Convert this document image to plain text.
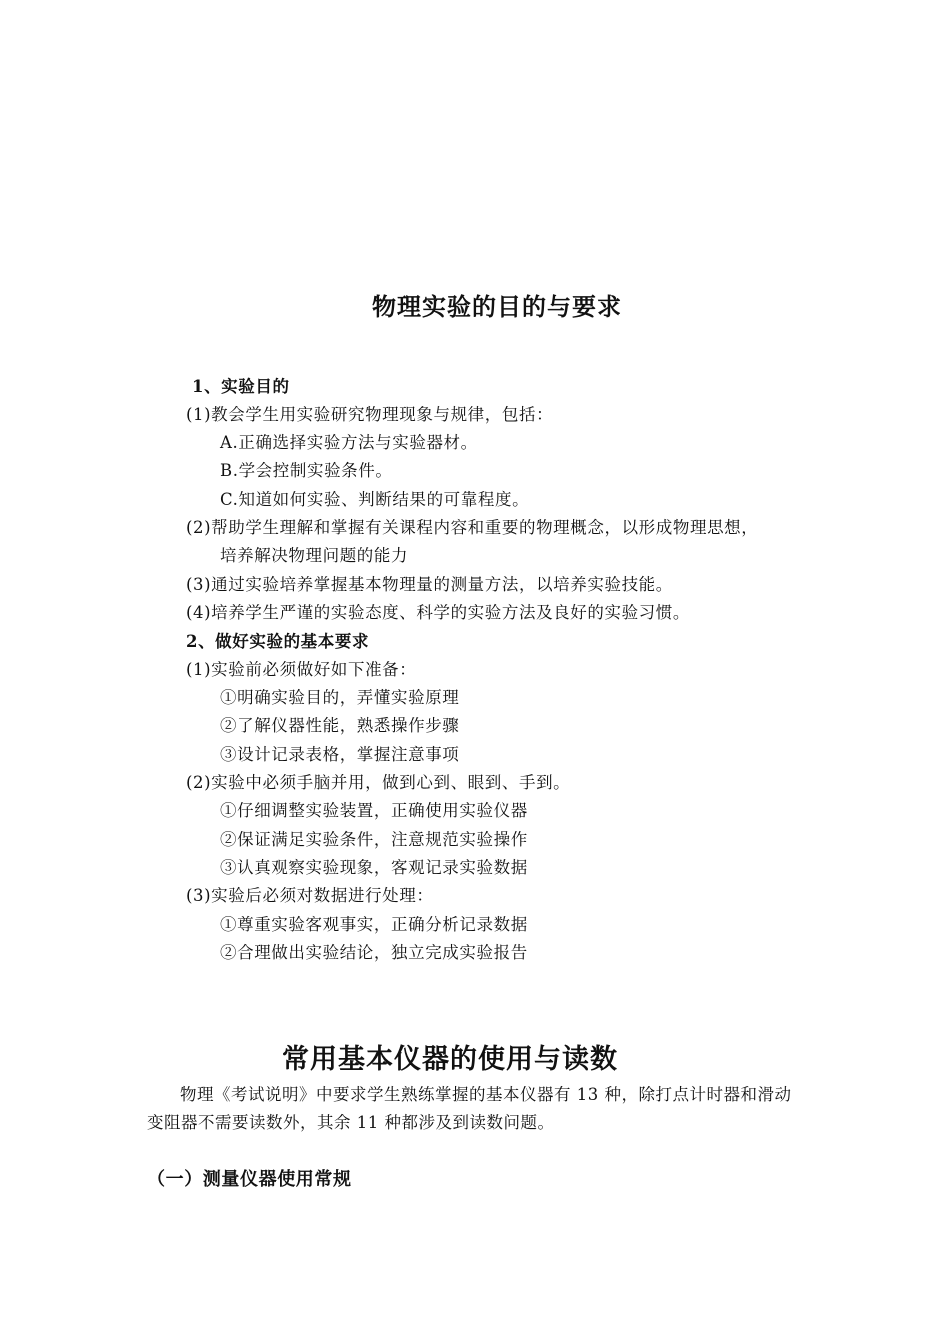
物理实验的目的与要求
1、实验目的
(1)教会学生用实验研究物理现象与规律，包括：
A.正确选择实验方法与实验器材。
B.学会控制实验条件。
C.知道如何实验、判断结果的可靠程度。
(2)帮助学生理解和掌握有关课程内容和重要的物理概念，以形成物理思想，
培养解决物理问题的能力
(3)通过实验培养掌握基本物理量的测量方法，以培养实验技能。
(4)培养学生严谨的实验态度、科学的实验方法及良好的实验习惯。
2、做好实验的基本要求
(1)实验前必须做好如下准备：
①明确实验目的，弄懂实验原理
②了解仪器性能，熟悉操作步骤
③设计记录表格，掌握注意事项
(2)实验中必须手脑并用，做到心到、眼到、手到。
①仔细调整实验装置，正确使用实验仪器
②保证满足实验条件，注意规范实验操作
③认真观察实验现象，客观记录实验数据
(3)实验后必须对数据进行处理：
①尊重实验客观事实，正确分析记录数据
②合理做出实验结论，独立完成实验报告
常用基本仪器的使用与读数
物理《考试说明》中要求学生熟练掌握的基本仪器有 13 种，除打点计时器和滑动
变阻器不需要读数外，其余 11 种都涉及到读数问题。
（一）测量仪器使用常规
